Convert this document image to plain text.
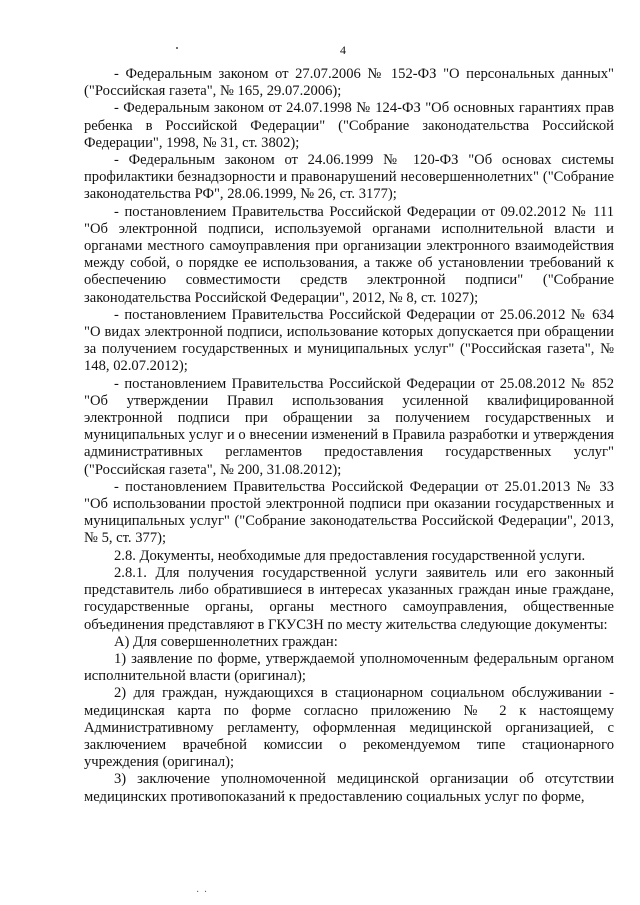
4

- Федеральным законом от 27.07.2006 № 152-ФЗ "О персональных данных" ("Российская газета", № 165, 29.07.2006);

- Федеральным законом от 24.07.1998 № 124-ФЗ "Об основных гарантиях прав ребенка в Российской Федерации" ("Собрание законодательства Российской Федерации", 1998, № 31, ст. 3802);

- Федеральным законом от 24.06.1999 № 120-ФЗ "Об основах системы профилактики безнадзорности и правонарушений несовершеннолетних" ("Собрание законодательства РФ", 28.06.1999, № 26, ст. 3177);

- постановлением Правительства Российской Федерации от 09.02.2012 № 111 "Об электронной подписи, используемой органами исполнительной власти и органами местного самоуправления при организации электронного взаимодействия между собой, о порядке ее использования, а также об установлении требований к обеспечению совместимости средств электронной подписи" ("Собрание законодательства Российской Федерации", 2012, № 8, ст. 1027);

- постановлением Правительства Российской Федерации от 25.06.2012 № 634 "О видах электронной подписи, использование которых допускается при обращении за получением государственных и муниципальных услуг" ("Российская газета", № 148, 02.07.2012);

- постановлением Правительства Российской Федерации от 25.08.2012 № 852 "Об утверждении Правил использования усиленной квалифицированной электронной подписи при обращении за получением государственных и муниципальных услуг и о внесении изменений в Правила разработки и утверждения административных регламентов предоставления государственных услуг" ("Российская газета", № 200, 31.08.2012);

- постановлением Правительства Российской Федерации от 25.01.2013 № 33 "Об использовании простой электронной подписи при оказании государственных и муниципальных услуг" ("Собрание законодательства Российской Федерации", 2013, № 5, ст. 377);

2.8. Документы, необходимые для предоставления государственной услуги.

2.8.1. Для получения государственной услуги заявитель или его законный представитель либо обратившиеся в интересах указанных граждан иные граждане, государственные органы, органы местного самоуправления, общественные объединения представляют в ГКУСЗН по месту жительства следующие документы:

А) Для совершеннолетних граждан:

1) заявление по форме, утверждаемой уполномоченным федеральным органом исполнительной власти (оригинал);

2) для граждан, нуждающихся в стационарном социальном обслуживании - медицинская карта по форме согласно приложению № 2 к настоящему Административному регламенту, оформленная медицинской организацией, с заключением врачебной комиссии о рекомендуемом типе стационарного учреждения (оригинал);

3) заключение уполномоченной медицинской организации об отсутствии медицинских противопоказаний к предоставлению социальных услуг по форме,

· ·
